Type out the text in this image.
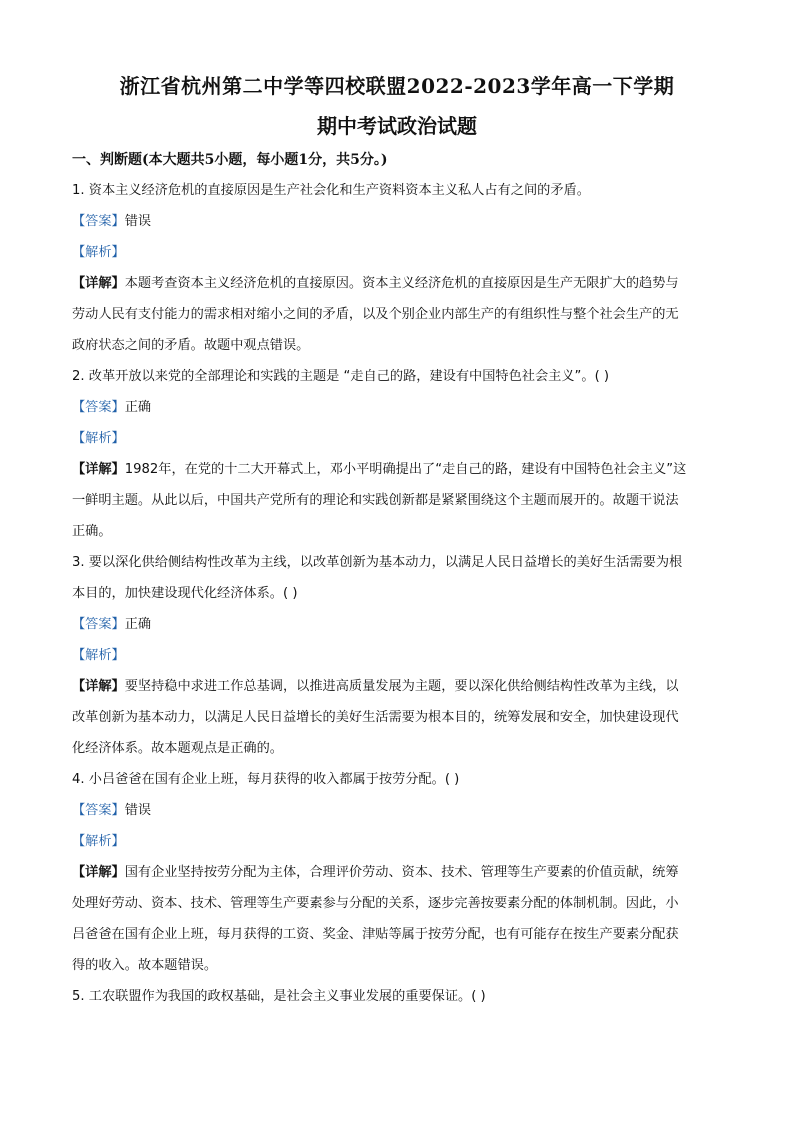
浙江省杭州第二中学等四校联盟2022-2023学年高一下学期
期中考试政治试题
一、判断题(本大题共5小题，每小题1分，共5分。)
1. 资本主义经济危机的直接原因是生产社会化和生产资料资本主义私人占有之间的矛盾。
【答案】错误
【解析】
【详解】本题考查资本主义经济危机的直接原因。资本主义经济危机的直接原因是生产无限扩大的趋势与
劳动人民有支付能力的需求相对缩小之间的矛盾，以及个别企业内部生产的有组织性与整个社会生产的无
政府状态之间的矛盾。故题中观点错误。
2. 改革开放以来党的全部理论和实践的主题是 “走自己的路，建设有中国特色社会主义”。( )
【答案】正确
【解析】
【详解】1982年，在党的十二大开幕式上，邓小平明确提出了“走自己的路，建设有中国特色社会主义”这
一鲜明主题。从此以后，中国共产党所有的理论和实践创新都是紧紧围绕这个主题而展开的。故题干说法
正确。
3. 要以深化供给侧结构性改革为主线，以改革创新为基本动力，以满足人民日益增长的美好生活需要为根
本目的，加快建设现代化经济体系。( )
【答案】正确
【解析】
【详解】要坚持稳中求进工作总基调，以推进高质量发展为主题，要以深化供给侧结构性改革为主线，以
改革创新为基本动力，以满足人民日益增长的美好生活需要为根本目的，统筹发展和安全，加快建设现代
化经济体系。故本题观点是正确的。
4. 小吕爸爸在国有企业上班，每月获得的收入都属于按劳分配。( )
【答案】错误
【解析】
【详解】国有企业坚持按劳分配为主体，合理评价劳动、资本、技术、管理等生产要素的价值贡献，统筹
处理好劳动、资本、技术、管理等生产要素参与分配的关系，逐步完善按要素分配的体制机制。因此，小
吕爸爸在国有企业上班，每月获得的工资、奖金、津贴等属于按劳分配，也有可能存在按生产要素分配获
得的收入。故本题错误。
5. 工农联盟作为我国的政权基础，是社会主义事业发展的重要保证。( )
